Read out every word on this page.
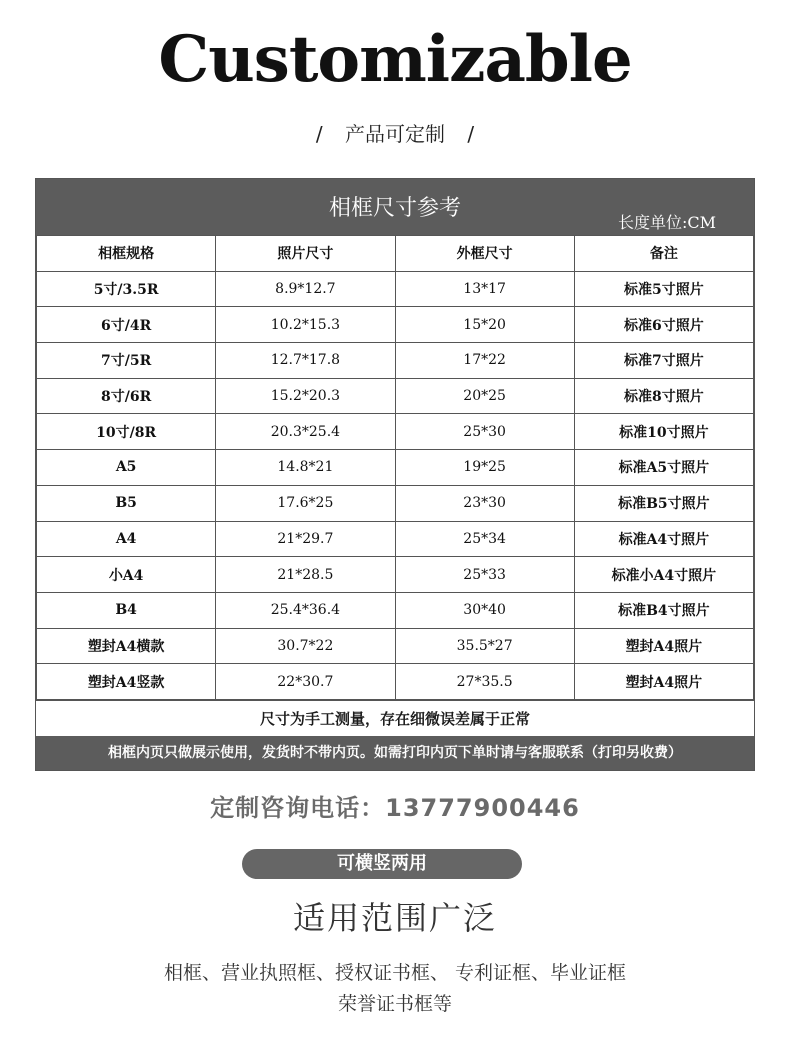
Customizable
/ 产品可定制 /
相框尺寸参考
长度单位:CM
相框规格	照片尺寸	外框尺寸	备注
5寸/3.5R	8.9*12.7	13*17	标准5寸照片
6寸/4R	10.2*15.3	15*20	标准6寸照片
7寸/5R	12.7*17.8	17*22	标准7寸照片
8寸/6R	15.2*20.3	20*25	标准8寸照片
10寸/8R	20.3*25.4	25*30	标准10寸照片
A5	14.8*21	19*25	标准A5寸照片
B5	17.6*25	23*30	标准B5寸照片
A4	21*29.7	25*34	标准A4寸照片
小A4	21*28.5	25*33	标准小A4寸照片
B4	25.4*36.4	30*40	标准B4寸照片
塑封A4横款	30.7*22	35.5*27	塑封A4照片
塑封A4竖款	22*30.7	27*35.5	塑封A4照片
尺寸为手工测量，存在细微误差属于正常
相框内页只做展示使用，发货时不带内页。如需打印内页下单时请与客服联系（打印另收费）
定制咨询电话：13777900446
可横竖两用
适用范围广泛
相框、营业执照框、授权证书框、 专利证框、毕业证框
荣誉证书框等
